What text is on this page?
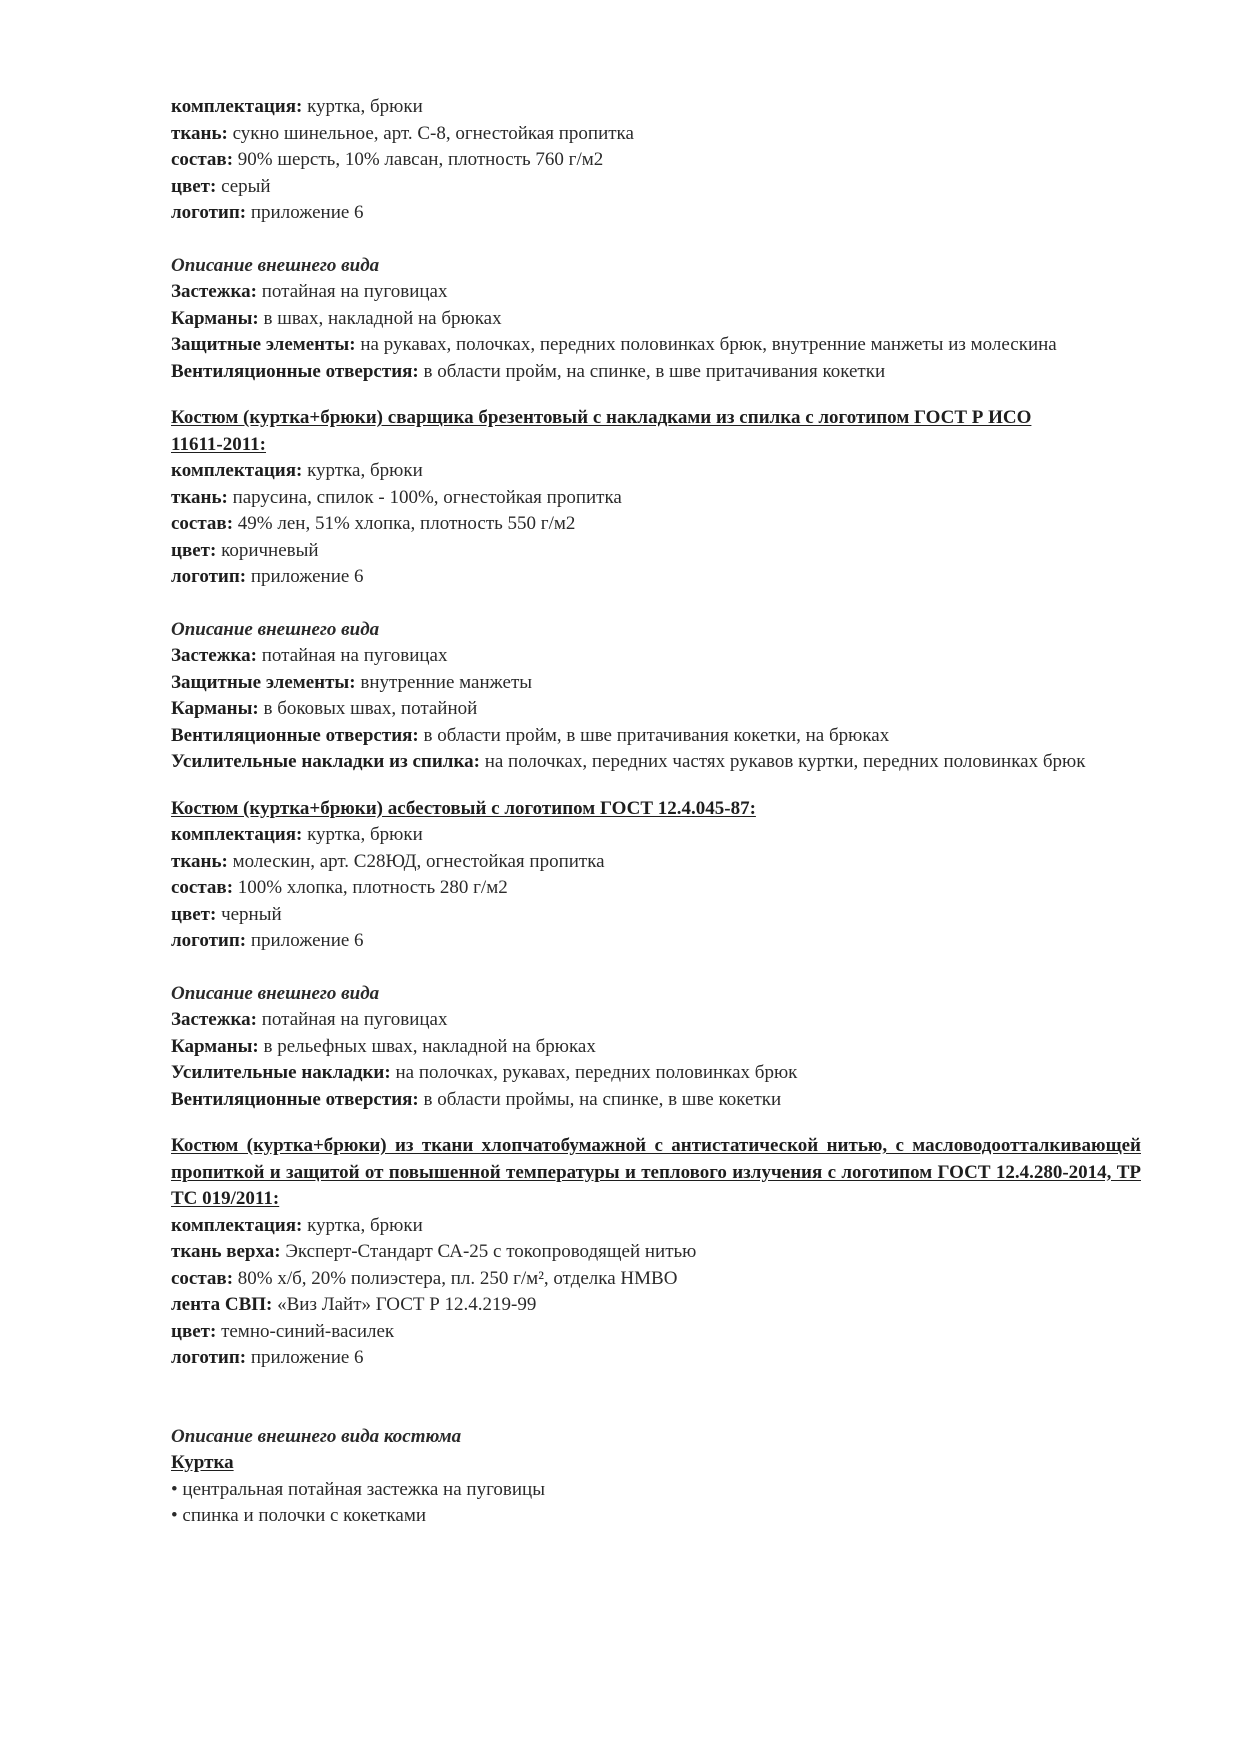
комплектация: куртка, брюки
ткань: сукно шинельное, арт. С-8, огнестойкая пропитка
состав: 90% шерсть, 10% лавсан, плотность 760 г/м2
цвет: серый
логотип: приложение 6
Описание внешнего вида
Застежка: потайная на пуговицах
Карманы: в швах, накладной на брюках
Защитные элементы: на рукавах, полочках, передних половинках брюк, внутренние манжеты из молескина
Вентиляционные отверстия: в области пройм, на спинке, в шве притачивания кокетки
Костюм (куртка+брюки) сварщика брезентовый с накладками из спилка с логотипом ГОСТ Р ИСО 11611-2011:
комплектация: куртка, брюки
ткань: парусина, спилок - 100%, огнестойкая пропитка
состав: 49% лен, 51% хлопка, плотность 550 г/м2
цвет: коричневый
логотип: приложение 6
Описание внешнего вида
Застежка: потайная на пуговицах
Защитные элементы: внутренние манжеты
Карманы: в боковых швах, потайной
Вентиляционные отверстия: в области пройм, в шве притачивания кокетки, на брюках
Усилительные накладки из спилка: на полочках, передних частях рукавов куртки, передних половинках брюк
Костюм (куртка+брюки) асбестовый с логотипом ГОСТ 12.4.045-87:
комплектация: куртка, брюки
ткань: молескин, арт. С28ЮД, огнестойкая пропитка
состав: 100% хлопка, плотность 280 г/м2
цвет: черный
логотип: приложение 6
Описание внешнего вида
Застежка: потайная на пуговицах
Карманы: в рельефных швах, накладной на брюках
Усилительные накладки: на полочках, рукавах, передних половинках брюк
Вентиляционные отверстия: в области проймы, на спинке, в шве кокетки
Костюм (куртка+брюки) из ткани хлопчатобумажной с антистатической нитью, с масловодоотталкивающей пропиткой и защитой от повышенной температуры и теплового излучения с логотипом ГОСТ 12.4.280-2014, ТР ТС 019/2011:
комплектация: куртка, брюки
ткань верха: Эксперт-Стандарт СА-25 с токопроводящей нитью
состав: 80% х/б, 20% полиэстера, пл. 250 г/м², отделка НМВО
лента СВП: «Виз Лайт» ГОСТ Р 12.4.219-99
цвет: темно-синий-василек
логотип: приложение 6
Описание внешнего вида костюма
Куртка
• центральная потайная застежка на пуговицы
• спинка и полочки с кокетками
